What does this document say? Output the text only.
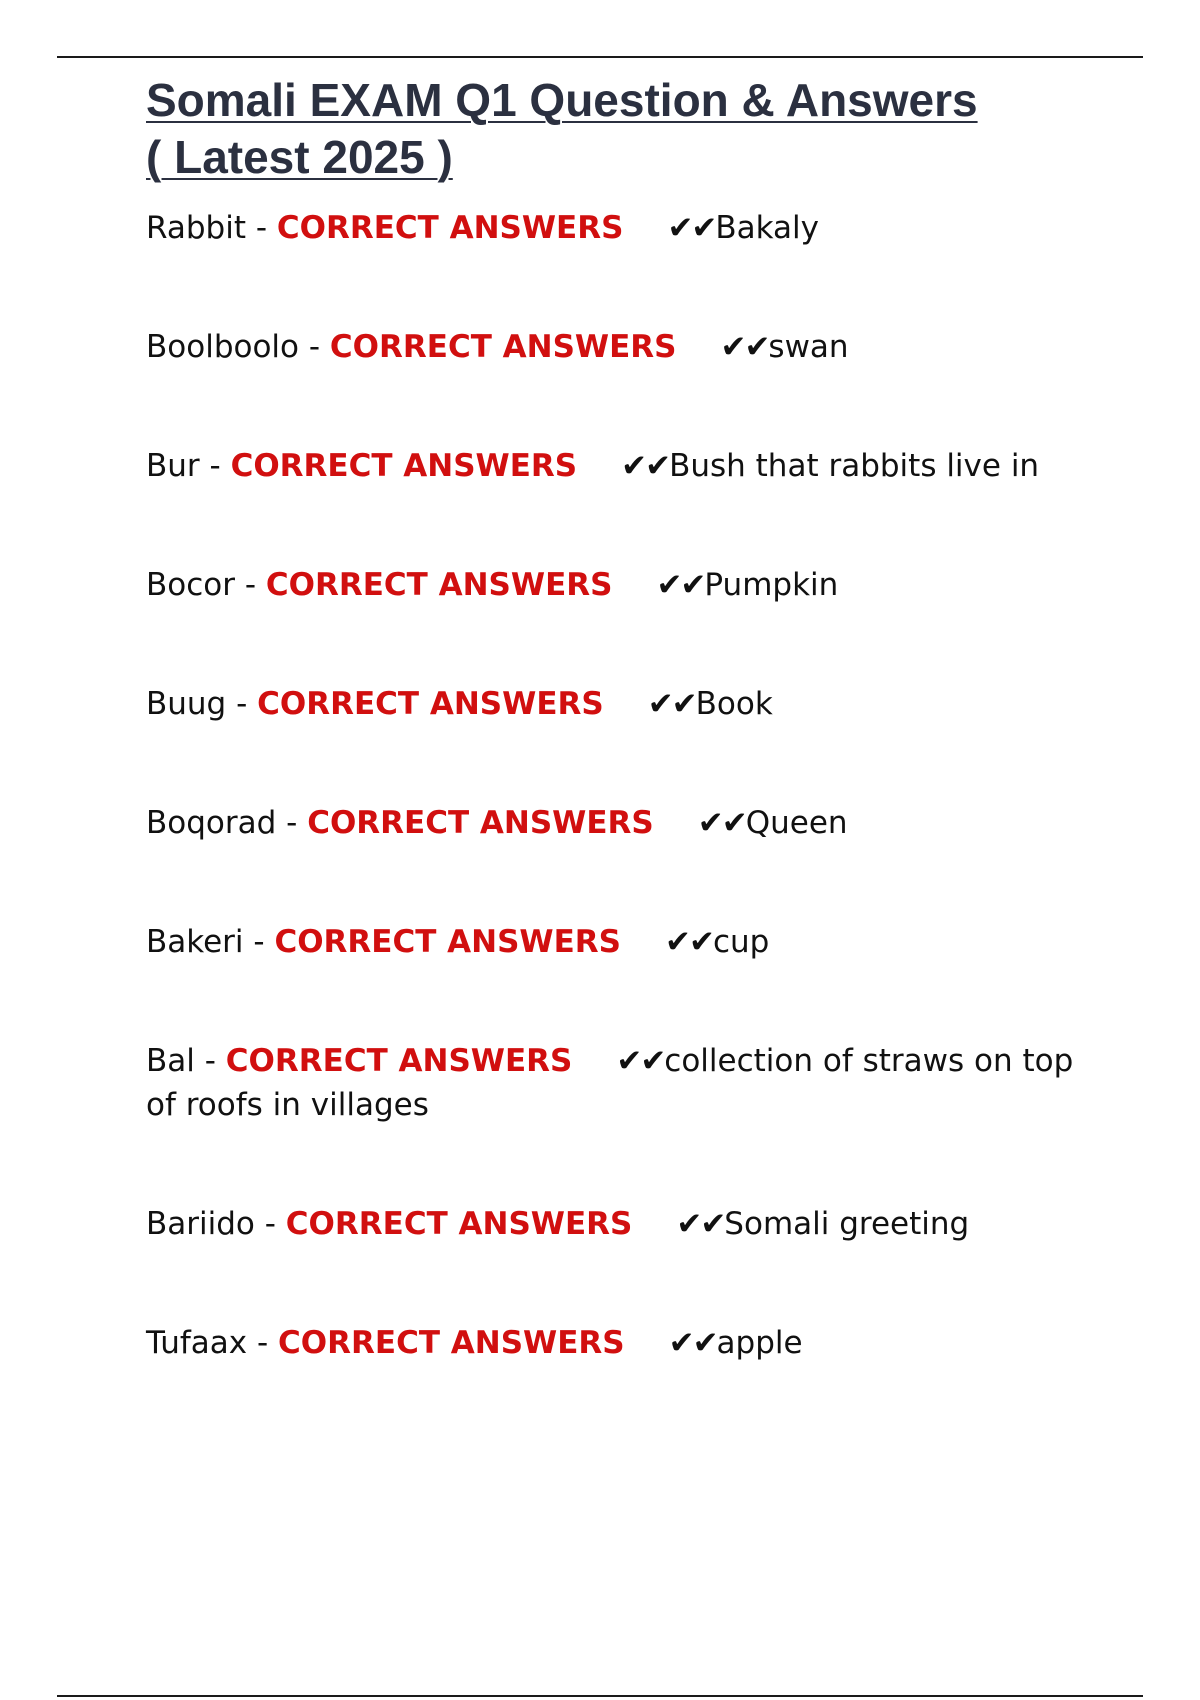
Somali EXAM Q1 Question & Answers
( Latest 2025 )
Rabbit - CORRECT ANSWERS ✔✔Bakaly
Boolboolo - CORRECT ANSWERS ✔✔swan
Bur - CORRECT ANSWERS ✔✔Bush that rabbits live in
Bocor - CORRECT ANSWERS ✔✔Pumpkin
Buug - CORRECT ANSWERS ✔✔Book
Boqorad - CORRECT ANSWERS ✔✔Queen
Bakeri - CORRECT ANSWERS ✔✔cup
Bal - CORRECT ANSWERS ✔✔collection of straws on top of roofs in villages
Bariido - CORRECT ANSWERS ✔✔Somali greeting
Tufaax - CORRECT ANSWERS ✔✔apple
